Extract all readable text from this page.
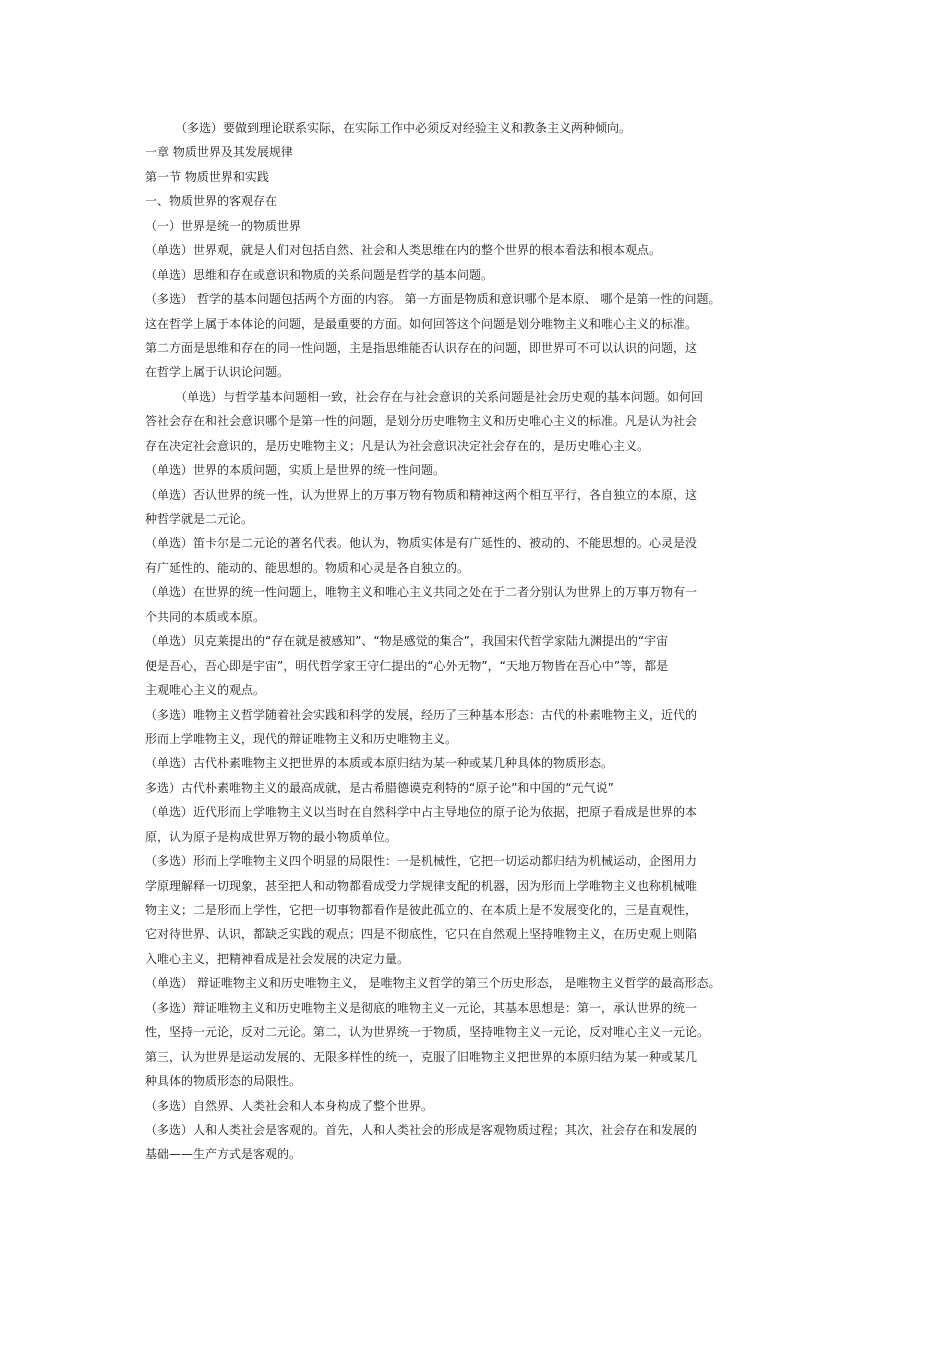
（多选）要做到理论联系实际，在实际工作中必须反对经验主义和教条主义两种倾向。
一章 物质世界及其发展规律
第一节 物质世界和实践
一、物质世界的客观存在
（一）世界是统一的物质世界
（单选）世界观，就是人们对包括自然、社会和人类思维在内的整个世界的根本看法和根本观点。
（单选）思维和存在或意识和物质的关系问题是哲学的基本问题。
（多选） 哲学的基本问题包括两个方面的内容。 第一方面是物质和意识哪个是本原、 哪个是第一性的问题。
这在哲学上属于本体论的问题，是最重要的方面。如何回答这个问题是划分唯物主义和唯心主义的标准。
第二方面是思维和存在的同一性问题，主是指思维能否认识存在的问题，即世界可不可以认识的问题，这
在哲学上属于认识论问题。
（单选）与哲学基本问题相一致，社会存在与社会意识的关系问题是社会历史观的基本问题。如何回
答社会存在和社会意识哪个是第一性的问题，是划分历史唯物主义和历史唯心主义的标准。凡是认为社会
存在决定社会意识的，是历史唯物主义；凡是认为社会意识决定社会存在的，是历史唯心主义。
（单选）世界的本质问题，实质上是世界的统一性问题。
（单选）否认世界的统一性，认为世界上的万事万物有物质和精神这两个相互平行，各自独立的本原，这
种哲学就是二元论。
（单选）笛卡尔是二元论的著名代表。他认为，物质实体是有广延性的、被动的、不能思想的。心灵是没
有广延性的、能动的、能思想的。物质和心灵是各自独立的。
（单选）在世界的统一性问题上，唯物主义和唯心主义共同之处在于二者分别认为世界上的万事万物有一
个共同的本质或本原。
（单选）贝克莱提出的“存在就是被感知”、“物是感觉的集合”，我国宋代哲学家陆九渊提出的“宇宙
便是吾心，吾心即是宇宙”，明代哲学家王守仁提出的“心外无物”，“天地万物皆在吾心中”等，都是
主观唯心主义的观点。
（多选）唯物主义哲学随着社会实践和科学的发展，经历了三种基本形态：古代的朴素唯物主义，近代的
形而上学唯物主义，现代的辩证唯物主义和历史唯物主义。
（单选）古代朴素唯物主义把世界的本质或本原归结为某一种或某几种具体的物质形态。
多选）古代朴素唯物主义的最高成就，是古希腊德谟克利特的“原子论”和中国的“元气说”
（单选）近代形而上学唯物主义以当时在自然科学中占主导地位的原子论为依据，把原子看成是世界的本
原，认为原子是构成世界万物的最小物质单位。
（多选）形而上学唯物主义四个明显的局限性：一是机械性，它把一切运动都归结为机械运动，企图用力
学原理解释一切现象，甚至把人和动物都看成受力学规律支配的机器，因为形而上学唯物主义也称机械唯
物主义；二是形而上学性，它把一切事物都看作是彼此孤立的、在本质上是不发展变化的，三是直观性，
它对待世界、认识，都缺乏实践的观点；四是不彻底性，它只在自然观上坚持唯物主义，在历史观上则陷
入唯心主义，把精神看成是社会发展的决定力量。
（单选） 辩证唯物主义和历史唯物主义， 是唯物主义哲学的第三个历史形态， 是唯物主义哲学的最高形态。
（多选）辩证唯物主义和历史唯物主义是彻底的唯物主义一元论，其基本思想是：第一，承认世界的统一
性，坚持一元论，反对二元论。第二，认为世界统一于物质，坚持唯物主义一元论，反对唯心主义一元论。
第三，认为世界是运动发展的、无限多样性的统一，克服了旧唯物主义把世界的本原归结为某一种或某几
种具体的物质形态的局限性。
（多选）自然界、人类社会和人本身构成了整个世界。
（多选）人和人类社会是客观的。首先，人和人类社会的形成是客观物质过程；其次，社会存在和发展的
基础——生产方式是客观的。
